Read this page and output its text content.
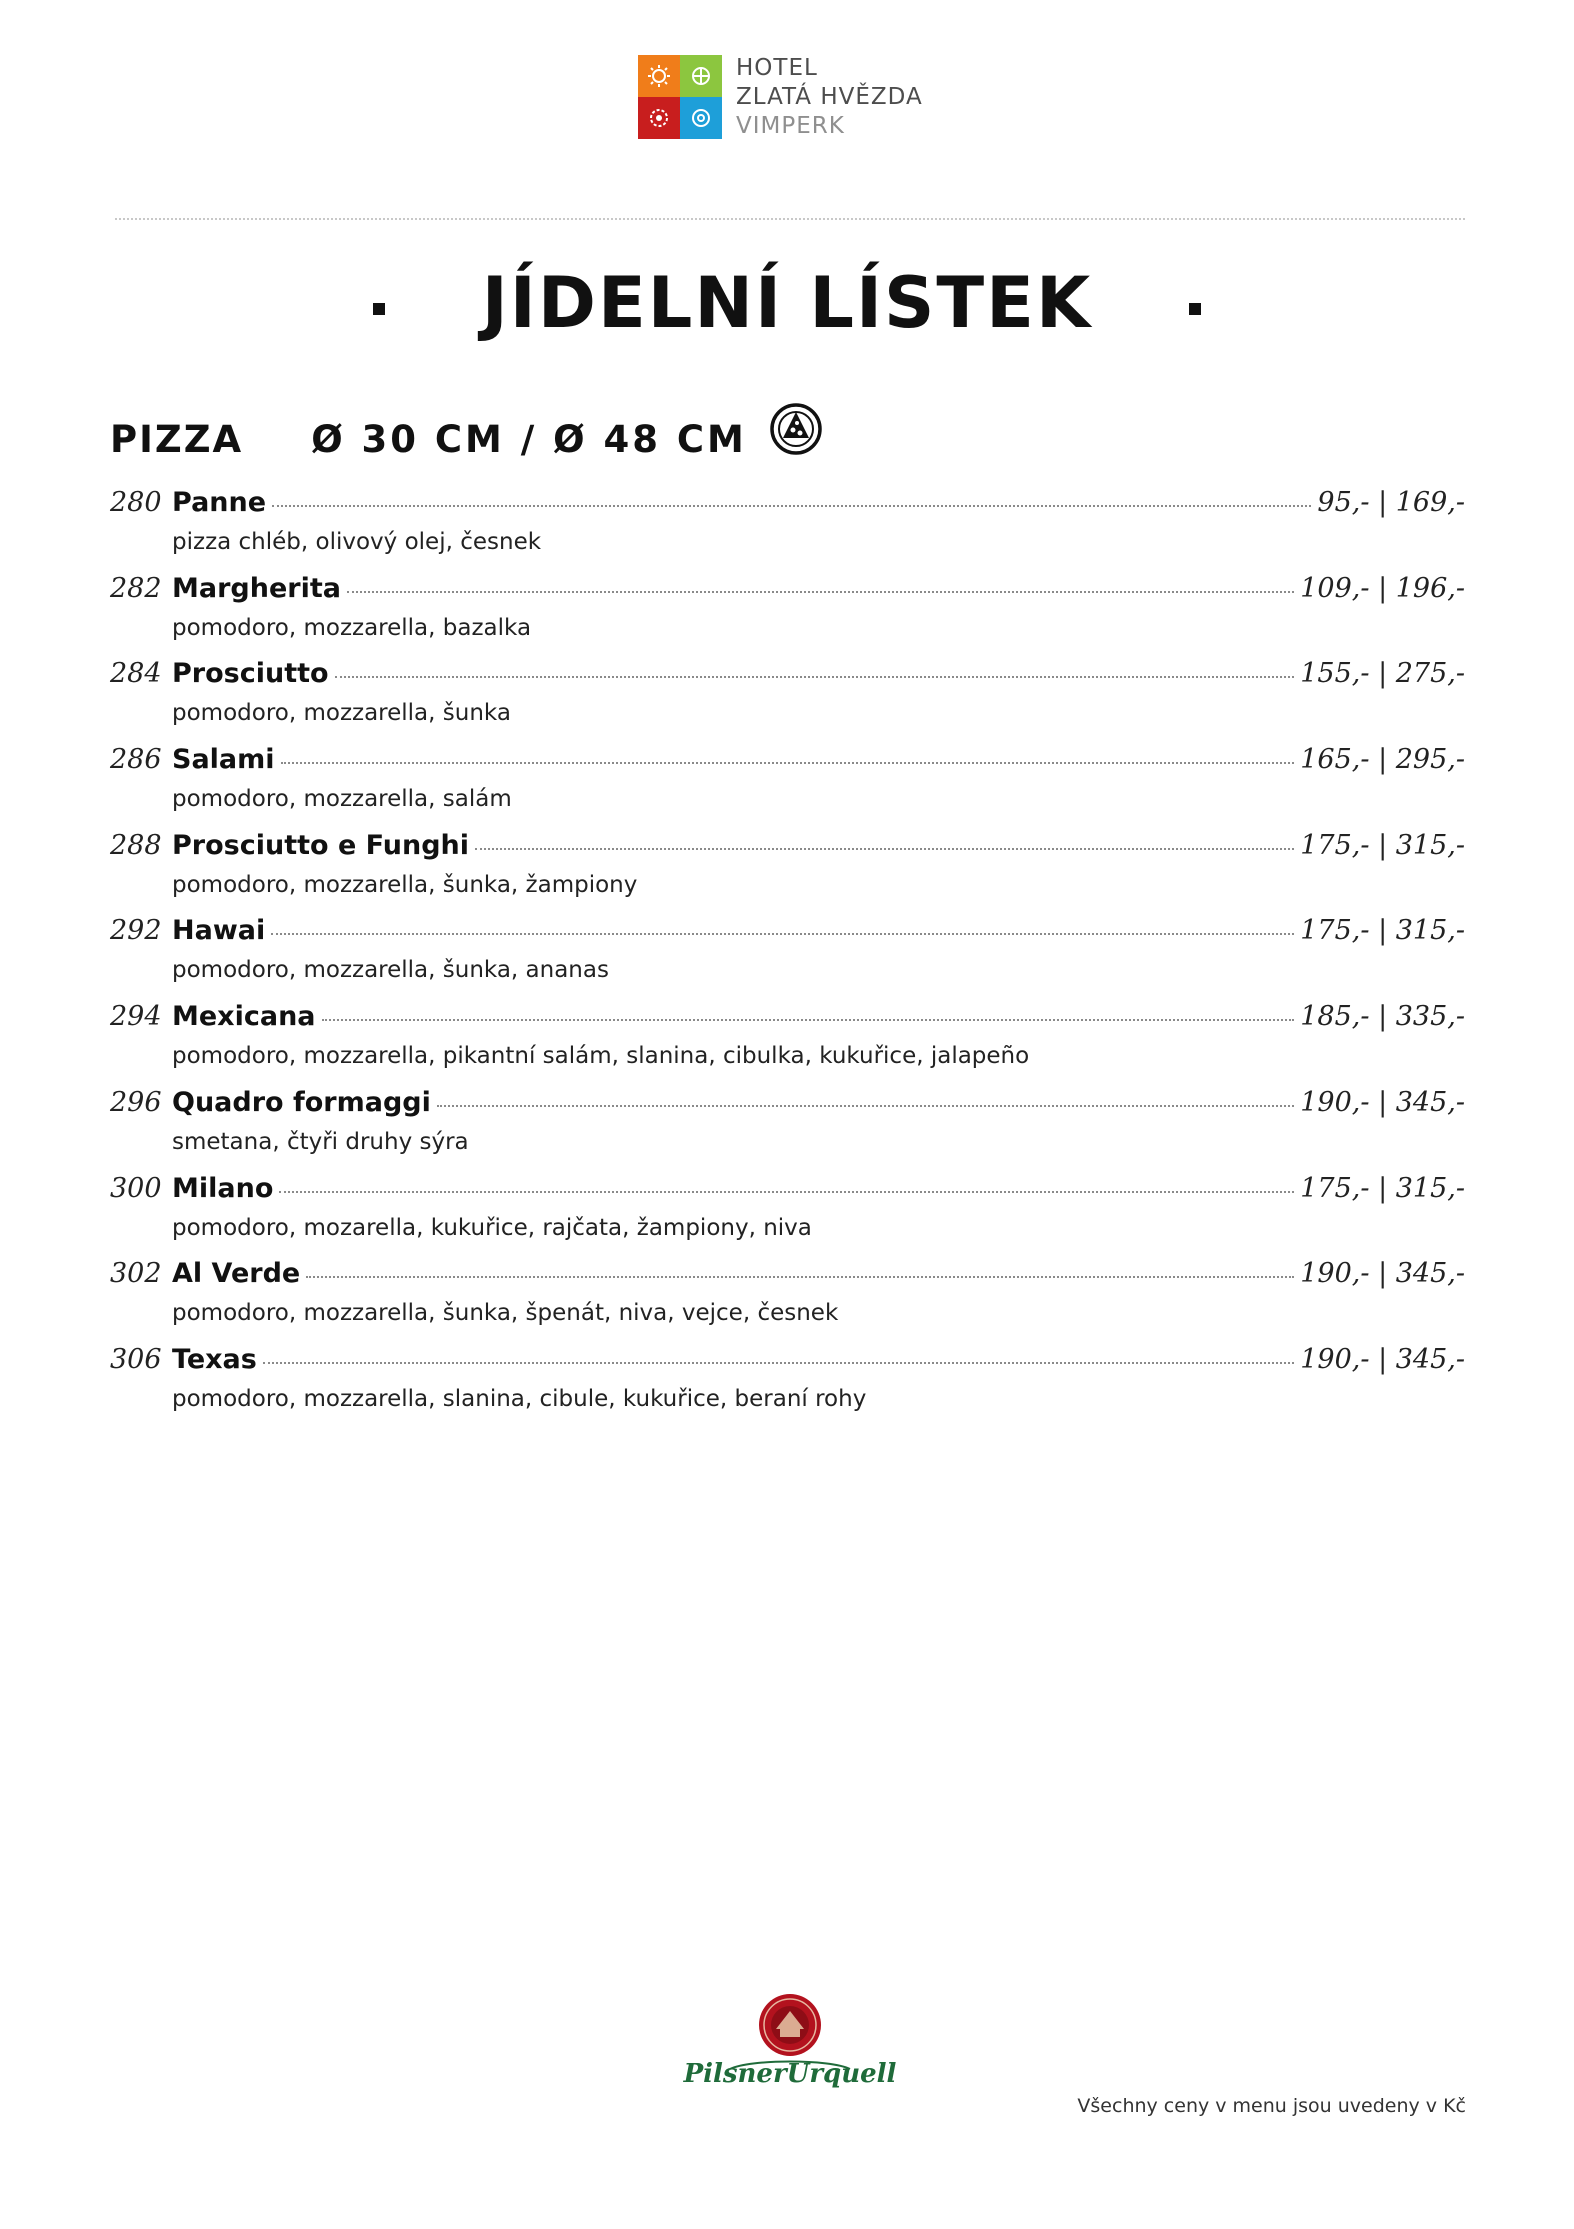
HOTEL
ZLATÁ HVĚZDA
VIMPERK
JÍDELNÍ LÍSTEK
PIZZA Ø 30 CM / Ø 48 CM
280 Panne	95,- | 169,-
pizza chléb, olivový olej, česnek
282 Margherita	109,- | 196,-
pomodoro, mozzarella, bazalka
284 Prosciutto	155,- | 275,-
pomodoro, mozzarella, šunka
286 Salami	165,- | 295,-
pomodoro, mozzarella, salám
288 Prosciutto e Funghi	175,- | 315,-
pomodoro, mozzarella, šunka, žampiony
292 Hawai	175,- | 315,-
pomodoro, mozzarella, šunka, ananas
294 Mexicana	185,- | 335,-
pomodoro, mozzarella, pikantní salám, slanina, cibulka, kukuřice, jalapeño
296 Quadro formaggi	190,- | 345,-
smetana, čtyři druhy sýra
300 Milano	175,- | 315,-
pomodoro, mozarella, kukuřice, rajčata, žampiony, niva
302 Al Verde	190,- | 345,-
pomodoro, mozzarella, šunka, špenát, niva, vejce, česnek
306 Texas	190,- | 345,-
pomodoro, mozzarella, slanina, cibule, kukuřice, beraní rohy
PilsnerUrquell
Všechny ceny v menu jsou uvedeny v Kč
